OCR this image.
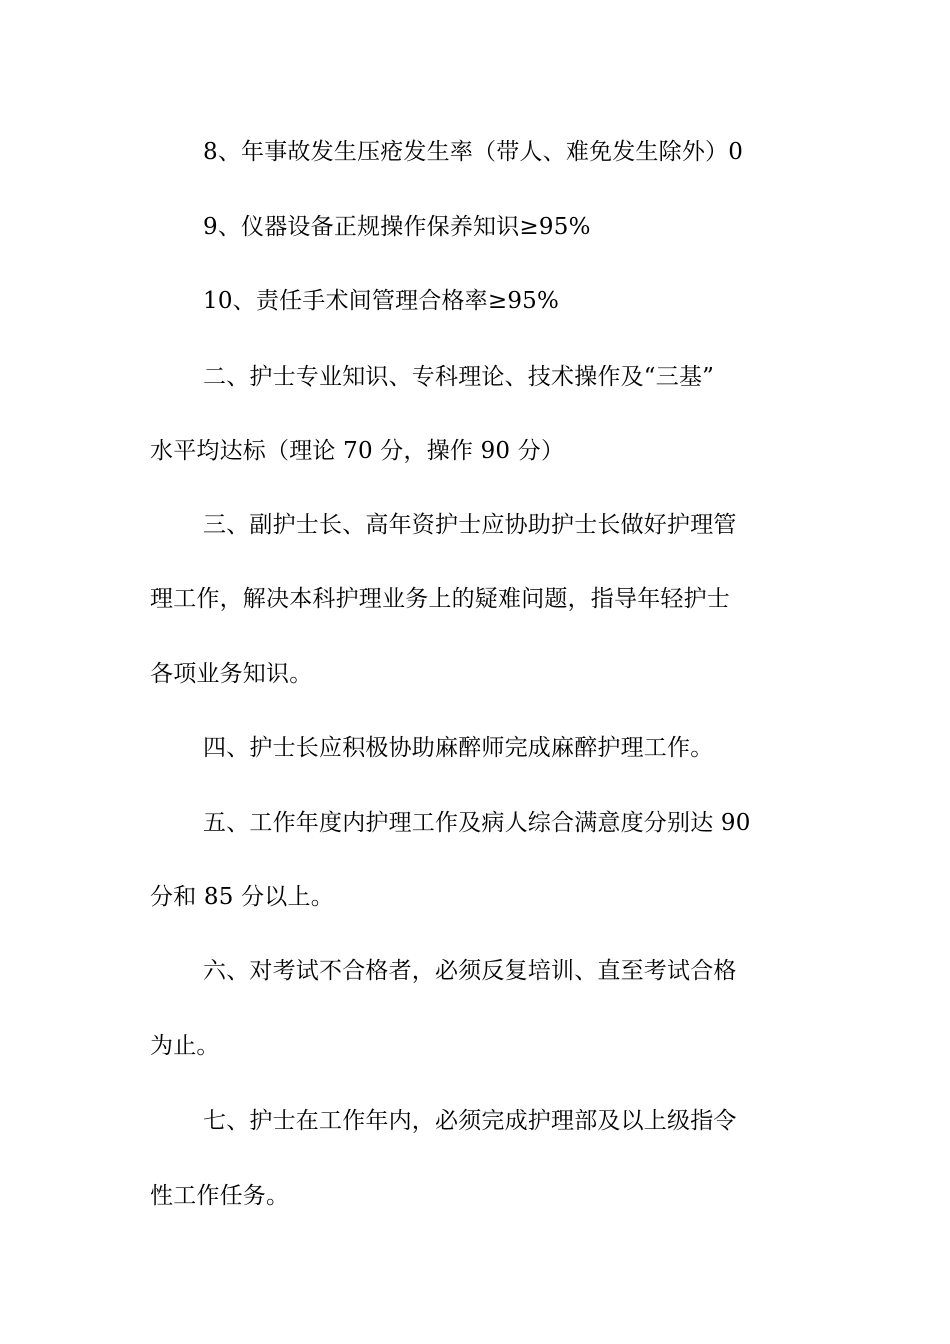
8、年事故发生压疮发生率（带人、难免发生除外）0
9、仪器设备正规操作保养知识≥95%
10、责任手术间管理合格率≥95%
二、护士专业知识、专科理论、技术操作及“三基”
水平均达标（理论 70 分，操作 90 分）
三、副护士长、高年资护士应协助护士长做好护理管
理工作，解决本科护理业务上的疑难问题，指导年轻护士
各项业务知识。
四、护士长应积极协助麻醉师完成麻醉护理工作。
五、工作年度内护理工作及病人综合满意度分别达 90
分和 85 分以上。
六、对考试不合格者，必须反复培训、直至考试合格
为止。
七、护士在工作年内，必须完成护理部及以上级指令
性工作任务。
